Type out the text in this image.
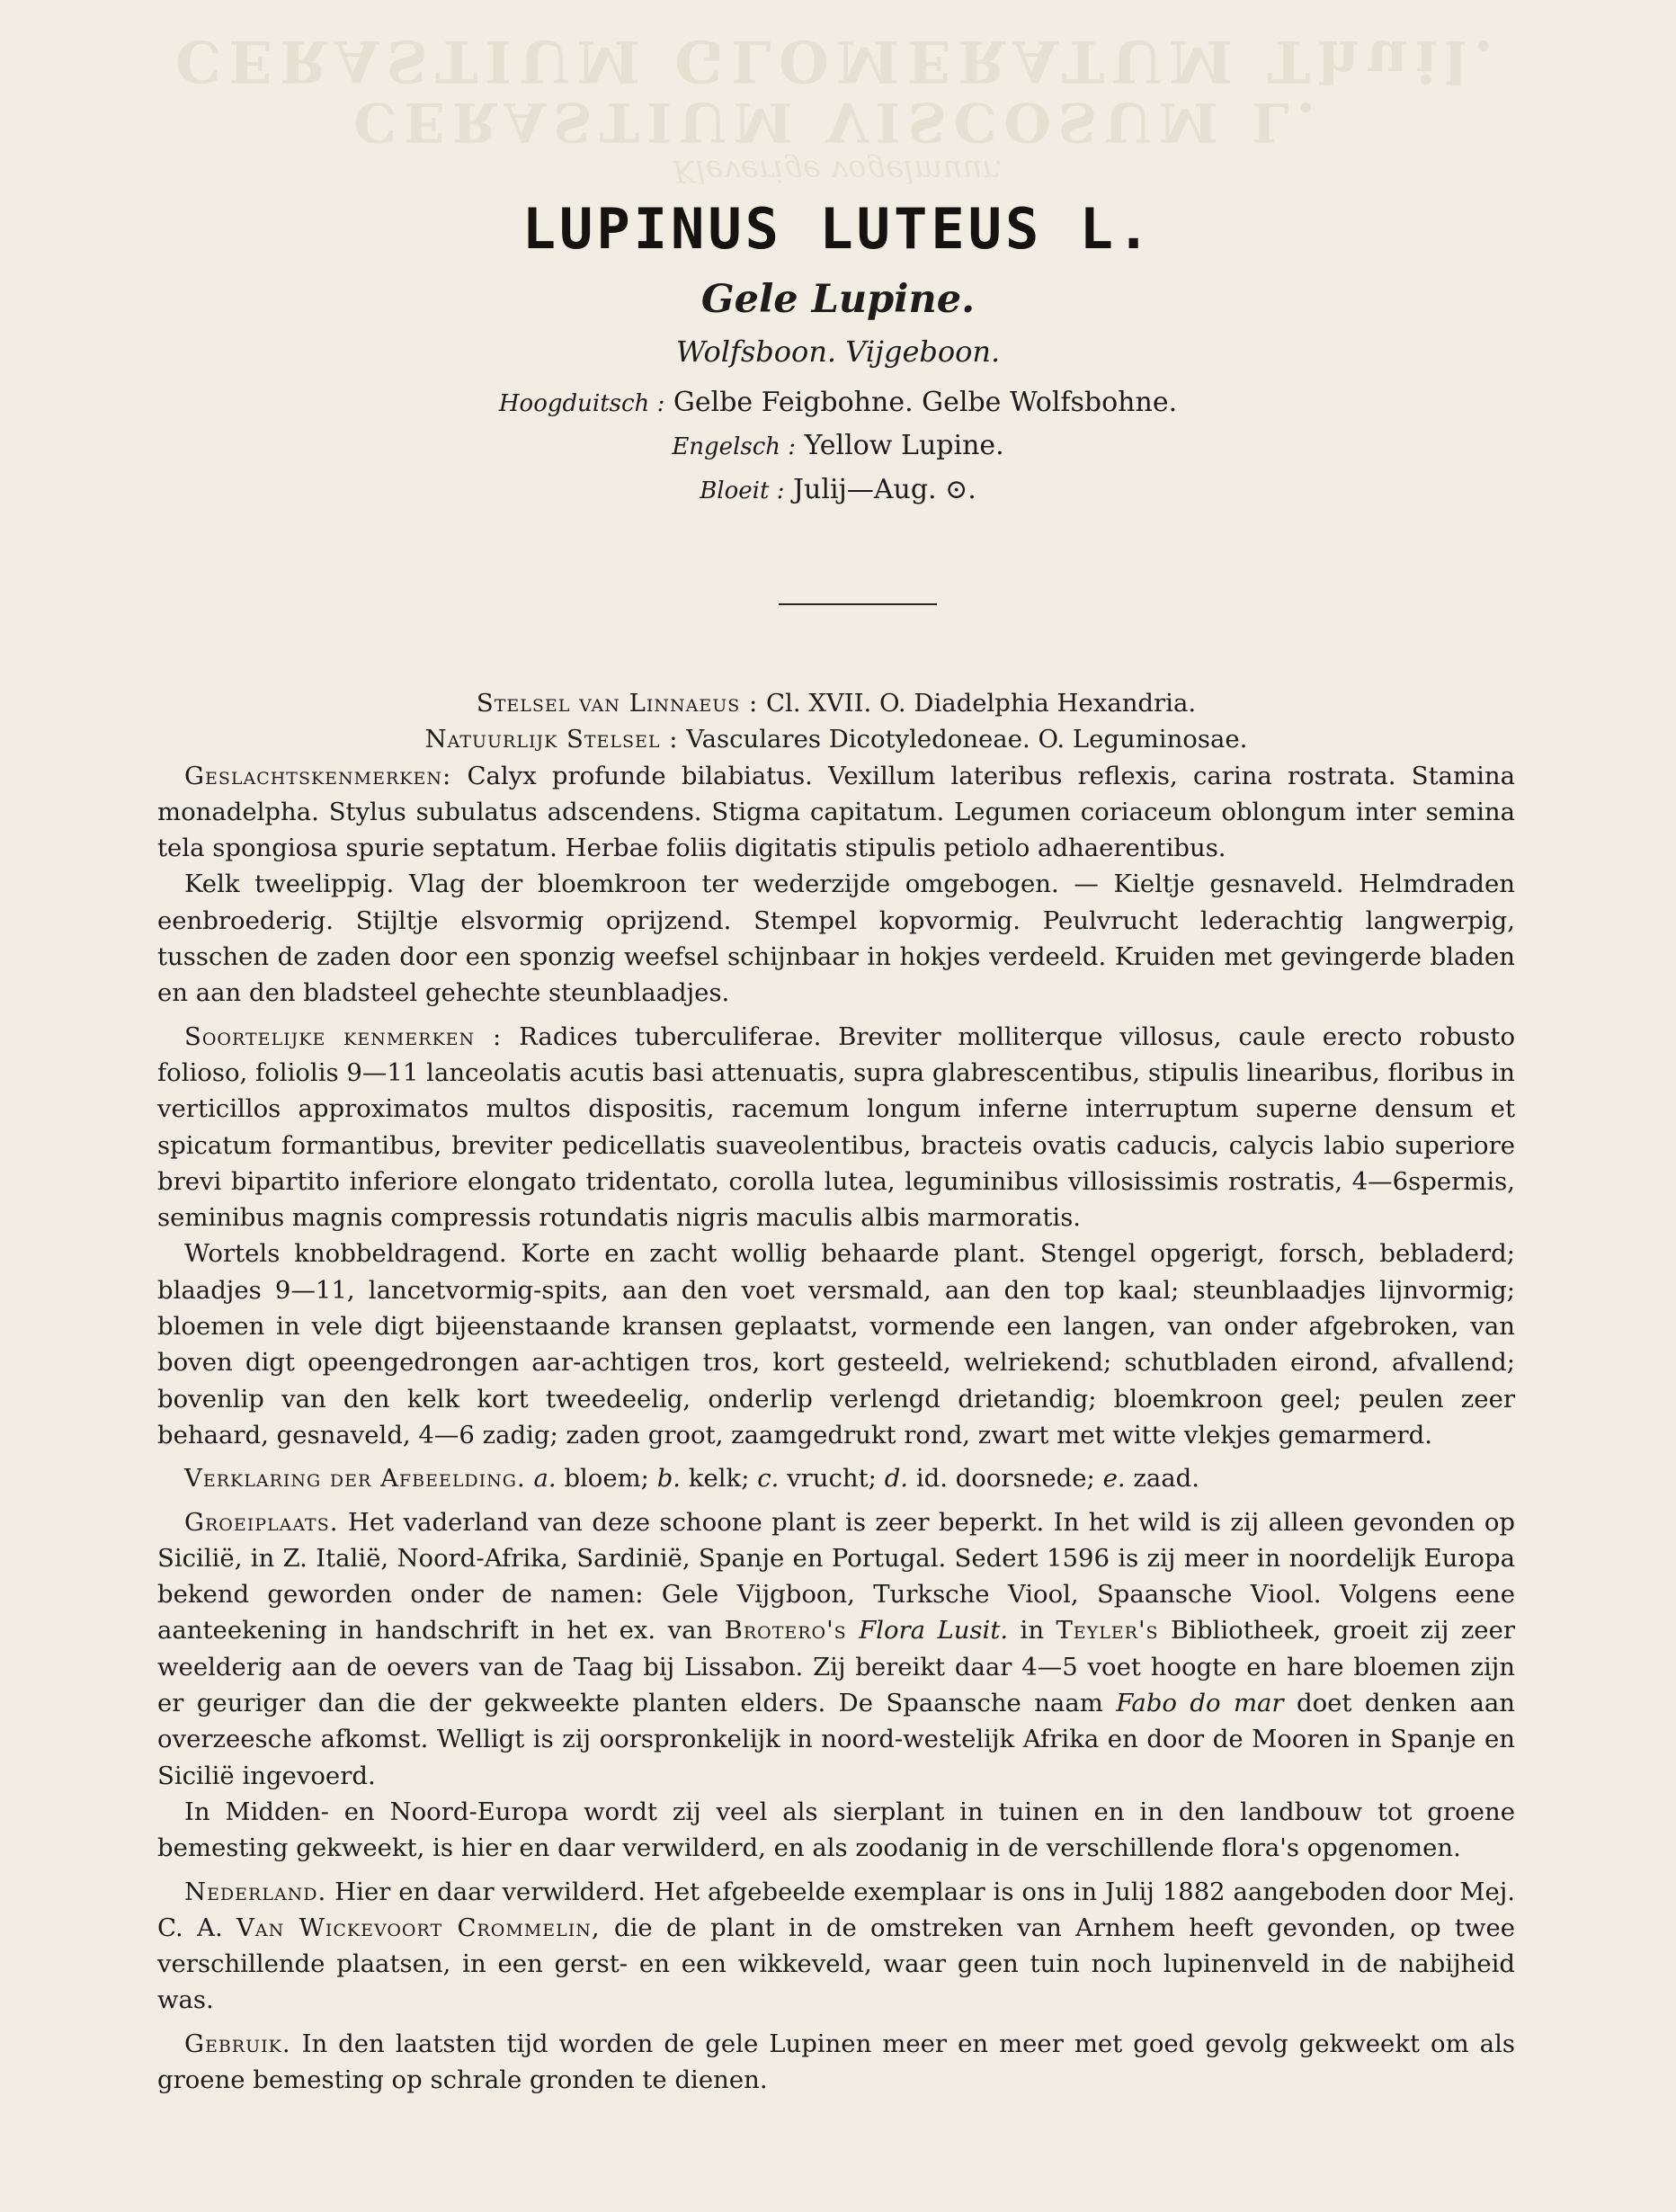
CERASTIUM GLOMERATUM Thuil.
CERASTIUM VISCOSUM L.
Kleverige vogelmuur.
LUPINUS LUTEUS L.
Gele Lupine.
Wolfsboon. Vijgeboon.
Hoogduitsch : Gelbe Feigbohne. Gelbe Wolfsbohne.
Engelsch : Yellow Lupine.
Bloeit : Julij—Aug. ⊙.

Stelsel van Linnaeus : Cl. XVII. O. Diadelphia Hexandria.

Natuurlijk Stelsel : Vasculares Dicotyledoneae. O. Leguminosae.

Geslachtskenmerken: Calyx profunde bilabiatus. Vexillum lateribus reflexis, carina rostrata. Stamina monadelpha. Stylus subulatus adscendens. Stigma capitatum. Legumen coriaceum oblongum inter semina tela spongiosa spurie septatum. Herbae foliis digitatis stipulis petiolo adhaerentibus.

Kelk tweelippig. Vlag der bloemkroon ter wederzijde omgebogen. — Kieltje gesnaveld. Helmdraden eenbroederig. Stijltje elsvormig oprijzend. Stempel kopvormig. Peulvrucht lederachtig langwerpig, tusschen de zaden door een sponzig weefsel schijnbaar in hokjes verdeeld. Kruiden met gevingerde bladen en aan den bladsteel gehechte steunblaadjes.

Soortelijke kenmerken : Radices tuberculiferae. Breviter molliterque villosus, caule erecto robusto folioso, foliolis 9—11 lanceolatis acutis basi attenuatis, supra glabrescentibus, stipulis linearibus, floribus in verticillos approximatos multos dispositis, racemum longum inferne interruptum superne densum et spicatum formantibus, breviter pedicellatis suaveolentibus, bracteis ovatis caducis, calycis labio superiore brevi bipartito inferiore elongato tridentato, corolla lutea, leguminibus villosissimis rostratis, 4—6spermis, seminibus magnis compressis rotundatis nigris maculis albis marmoratis.

Wortels knobbeldragend. Korte en zacht wollig behaarde plant. Stengel opgerigt, forsch, bebladerd; blaadjes 9—11, lancetvormig-spits, aan den voet versmald, aan den top kaal; steunblaadjes lijnvormig; bloemen in vele digt bijeenstaande kransen geplaatst, vormende een langen, van onder afgebroken, van boven digt opeengedrongen aar-achtigen tros, kort gesteeld, welriekend; schutbladen eirond, afvallend; bovenlip van den kelk kort tweedeelig, onderlip verlengd drietandig; bloemkroon geel; peulen zeer behaard, gesnaveld, 4—6 zadig; zaden groot, zaamgedrukt rond, zwart met witte vlekjes gemarmerd.

Verklaring der Afbeelding. a. bloem; b. kelk; c. vrucht; d. id. doorsnede; e. zaad.

Groeiplaats. Het vaderland van deze schoone plant is zeer beperkt. In het wild is zij alleen gevonden op Sicilië, in Z. Italië, Noord-Afrika, Sardinië, Spanje en Portugal. Sedert 1596 is zij meer in noordelijk Europa bekend geworden onder de namen: Gele Vijgboon, Turksche Viool, Spaansche Viool. Volgens eene aanteekening in handschrift in het ex. van Brotero's Flora Lusit. in Teyler's Bibliotheek, groeit zij zeer weelderig aan de oevers van de Taag bij Lissabon. Zij bereikt daar 4—5 voet hoogte en hare bloemen zijn er geuriger dan die der gekweekte planten elders. De Spaansche naam Fabo do mar doet denken aan overzeesche afkomst. Welligt is zij oorspronkelijk in noord-westelijk Afrika en door de Mooren in Spanje en Sicilië ingevoerd.

In Midden- en Noord-Europa wordt zij veel als sierplant in tuinen en in den landbouw tot groene bemesting gekweekt, is hier en daar verwilderd, en als zoodanig in de verschillende flora's opgenomen.

Nederland. Hier en daar verwilderd. Het afgebeelde exemplaar is ons in Julij 1882 aangeboden door Mej. C. A. Van Wickevoort Crommelin, die de plant in de omstreken van Arnhem heeft gevonden, op twee verschillende plaatsen, in een gerst- en een wikkeveld, waar geen tuin noch lupinenveld in de nabijheid was.

Gebruik. In den laatsten tijd worden de gele Lupinen meer en meer met goed gevolg gekweekt om als groene bemesting op schrale gronden te dienen.
